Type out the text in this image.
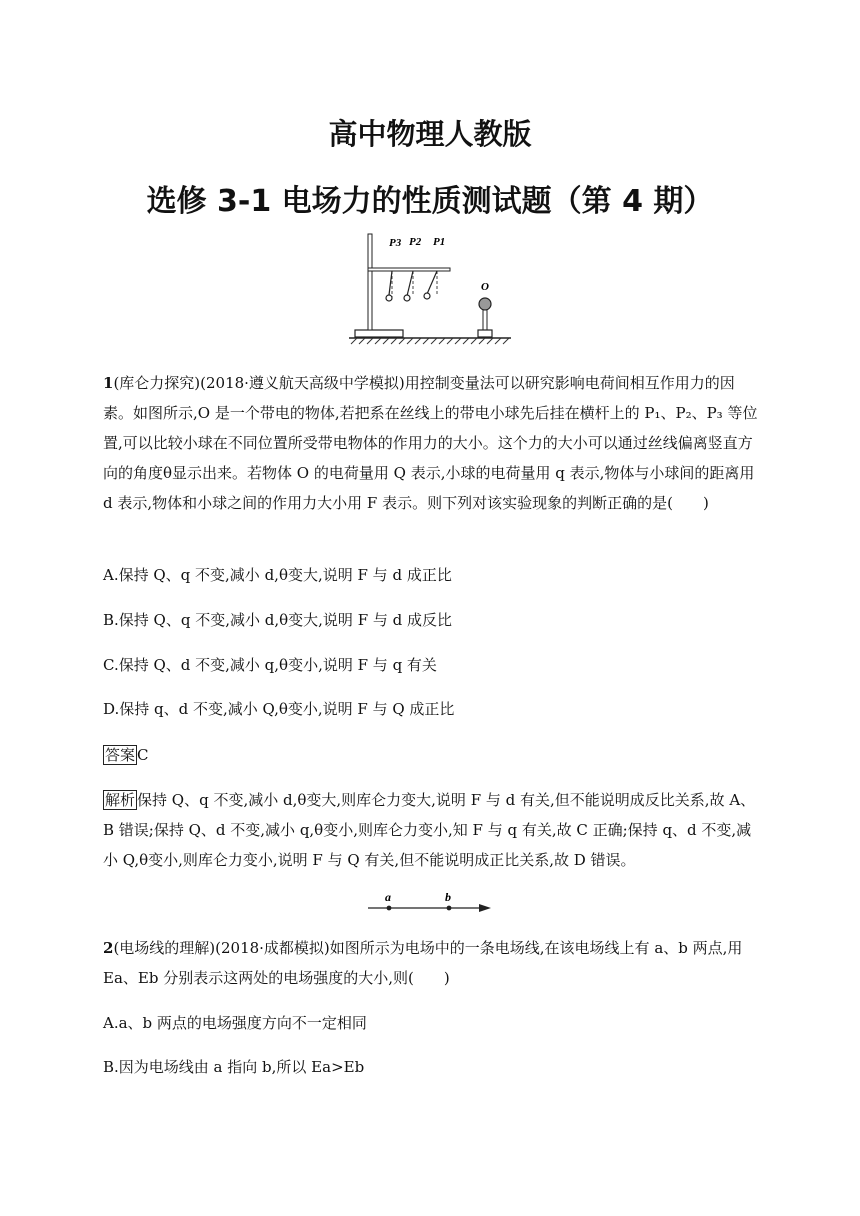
高中物理人教版
选修 3-1 电场力的性质测试题（第 4 期）
P3 P2 P1
O

1(库仑力探究)(2018·遵义航天高级中学模拟)用控制变量法可以研究影响电荷间相互作用力的因素。如图所示,O 是一个带电的物体,若把系在丝线上的带电小球先后挂在横杆上的 P₁、P₂、P₃ 等位置,可以比较小球在不同位置所受带电物体的作用力的大小。这个力的大小可以通过丝线偏离竖直方向的角度θ显示出来。若物体 O 的电荷量用 Q 表示,小球的电荷量用 q 表示,物体与小球间的距离用 d 表示,物体和小球之间的作用力大小用 F 表示。则下列对该实验现象的判断正确的是(　　)

A.保持 Q、q 不变,减小 d,θ变大,说明 F 与 d 成正比

B.保持 Q、q 不变,减小 d,θ变大,说明 F 与 d 成反比

C.保持 Q、d 不变,减小 q,θ变小,说明 F 与 q 有关

D.保持 q、d 不变,减小 Q,θ变小,说明 F 与 Q 成正比

答案 C

解析 保持 Q、q 不变,减小 d,θ变大,则库仑力变大,说明 F 与 d 有关,但不能说明成反比关系,故 A、B 错误;保持 Q、d 不变,减小 q,θ变小,则库仑力变小,知 F 与 q 有关,故 C 正确;保持 q、d 不变,减小 Q,θ变小,则库仑力变小,说明 F 与 Q 有关,但不能说明成正比关系,故 D 错误。

a	b

2(电场线的理解)(2018·成都模拟)如图所示为电场中的一条电场线,在该电场线上有 a、b 两点,用 Ea、Eb 分别表示这两处的电场强度的大小,则(　　)

A.a、b 两点的电场强度方向不一定相同

B.因为电场线由 a 指向 b,所以 Ea>Eb
